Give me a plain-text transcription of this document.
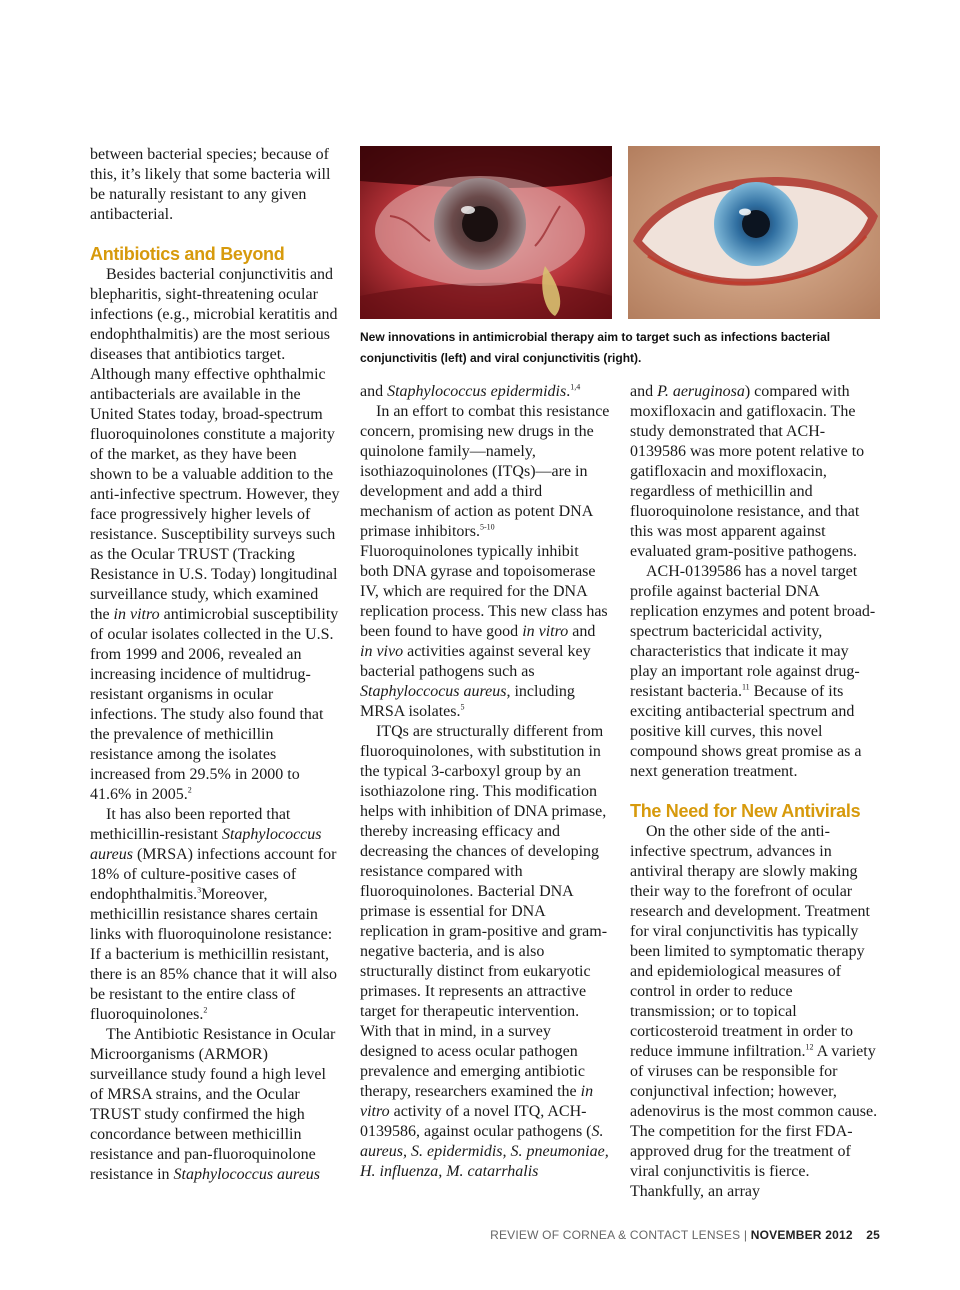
between bacterial species; because of this, it’s likely that some bacteria will be naturally resistant to any given antibacterial.

Antibiotics and Beyond

Besides bacterial conjunctivitis and blepharitis, sight-threatening ocular infections (e.g., microbial keratitis and endophthalmitis) are the most serious diseases that antibiotics target. Although many effective ophthalmic antibacterials are available in the United States today, broad-spectrum fluoroquinolones constitute a majority of the market, as they have been shown to be a valuable addition to the anti-infective spectrum. However, they face progressively higher levels of resistance. Susceptibility surveys such as the Ocular TRUST (Tracking Resistance in U.S. Today) longitudinal surveillance study, which examined the in vitro antimicrobial susceptibility of ocular isolates collected in the U.S. from 1999 and 2006, revealed an increasing incidence of multidrug-resistant organisms in ocular infections. The study also found that the prevalence of methicillin resistance among the isolates increased from 29.5% in 2000 to 41.6% in 2005.$^2$

It has also been reported that methicillin-resistant Staphylococcus aureus (MRSA) infections account for 18% of culture-positive cases of endophthalmitis.$^3$Moreover, methicillin resistance shares certain links with fluoroquinolone resistance: If a bacterium is methicillin resistant, there is an 85% chance that it will also be resistant to the entire class of fluoroquinolones.$^2$

The Antibiotic Resistance in Ocular Microorganisms (ARMOR) surveillance study found a high level of MRSA strains, and the Ocular TRUST study confirmed the high concordance between methicillin resistance and pan-fluoroquinolone resistance in Staphylococcus aureus

New innovations in antimicrobial therapy aim to target such as infections bacterial conjunctivitis (left) and viral conjunctivitis (right).

and Staphylococcus epidermidis.$^{1,4}$

In an effort to combat this resistance concern, promising new drugs in the quinolone family—namely, isothiazoquinolones (ITQs)—are in development and add a third mechanism of action as potent DNA primase inhibitors.$^{5-10}$ Fluoroquinolones typically inhibit both DNA gyrase and topoisomerase IV, which are required for the DNA replication process. This new class has been found to have good in vitro and in vivo activities against several key bacterial pathogens such as Staphyloccocus aureus, including MRSA isolates.$^5$

ITQs are structurally different from fluoroquinolones, with substitution in the typical 3-carboxyl group by an isothiazolone ring. This modification helps with inhibition of DNA primase, thereby increasing efficacy and decreasing the chances of developing resistance compared with fluoroquinolones. Bacterial DNA primase is essential for DNA replication in gram-positive and gram-negative bacteria, and is also structurally distinct from eukaryotic primases. It represents an attractive target for therapeutic intervention. With that in mind, in a survey designed to acess ocular pathogen prevalence and emerging antibiotic therapy, researchers examined the in vitro activity of a novel ITQ, ACH-0139586, against ocular pathogens (S. aureus, S. epidermidis, S. pneumoniae, H. influenza, M. catarrhalis

and P. aeruginosa) compared with moxifloxacin and gatifloxacin. The study demonstrated that ACH-0139586 was more potent relative to gatifloxacin and moxifloxacin, regardless of methicillin and fluoroquinolone resistance, and that this was most apparent against evaluated gram-positive pathogens.

ACH-0139586 has a novel target profile against bacterial DNA replication enzymes and potent broad-spectrum bactericidal activity, characteristics that indicate it may play an important role against drug-resistant bacteria.$^{11}$ Because of its exciting antibacterial spectrum and positive kill curves, this novel compound shows great promise as a next generation treatment.

The Need for New Antivirals

On the other side of the anti-infective spectrum, advances in antiviral therapy are slowly making their way to the forefront of ocular research and development. Treatment for viral conjunctivitis has typically been limited to symptomatic therapy and epidemiological measures of control in order to reduce transmission; or to topical corticosteroid treatment in order to reduce immune infiltration.$^{12}$ A variety of viruses can be responsible for conjunctival infection; however, adenovirus is the most common cause. The competition for the first FDA-approved drug for the treatment of viral conjunctivitis is fierce. Thankfully, an array

REVIEW OF CORNEA & CONTACT LENSES | NOVEMBER 2012 25
